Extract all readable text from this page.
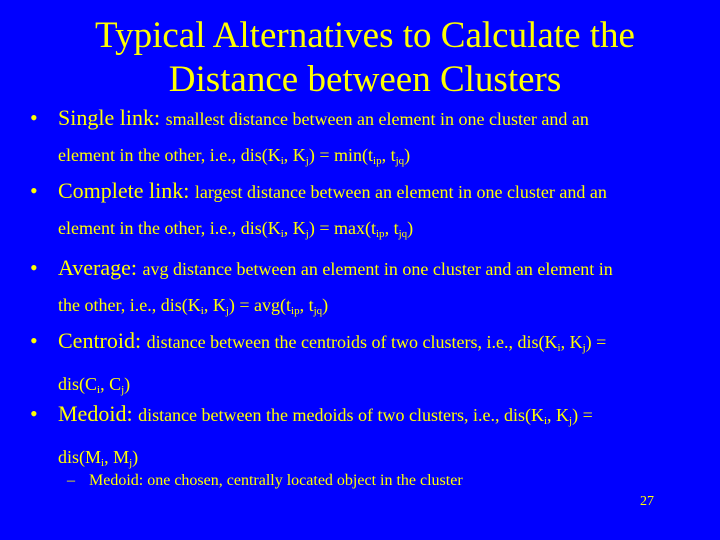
Typical Alternatives to Calculate the
Distance between Clusters
• Single link: smallest distance between an element in one cluster and an
element in the other, i.e., $dis(K_i$, $K_j) = \min(t_{ip}$, $t_{jq}$)
• Complete link: largest distance between an element in one cluster and an
element in the other, i.e., $dis(K_i$, $K_j) = \max(t_{ip}$, $t_{jq}$)
• Average: avg distance between an element in one cluster and an element in
the other, i.e., $dis(K_i$, $K_j) = avg(t_{ip}$, $t_{jq}$)
• Centroid: distance between the centroids of two clusters, i.e., $dis(K_i$, $K_j$) =
$dis(C_i$, $C_j$)
• Medoid: distance between the medoids of two clusters, i.e., $dis(K_i$, $K_j$) =
$dis(M_i$, $M_j$)
– Medoid: one chosen, centrally located object in the cluster
27
